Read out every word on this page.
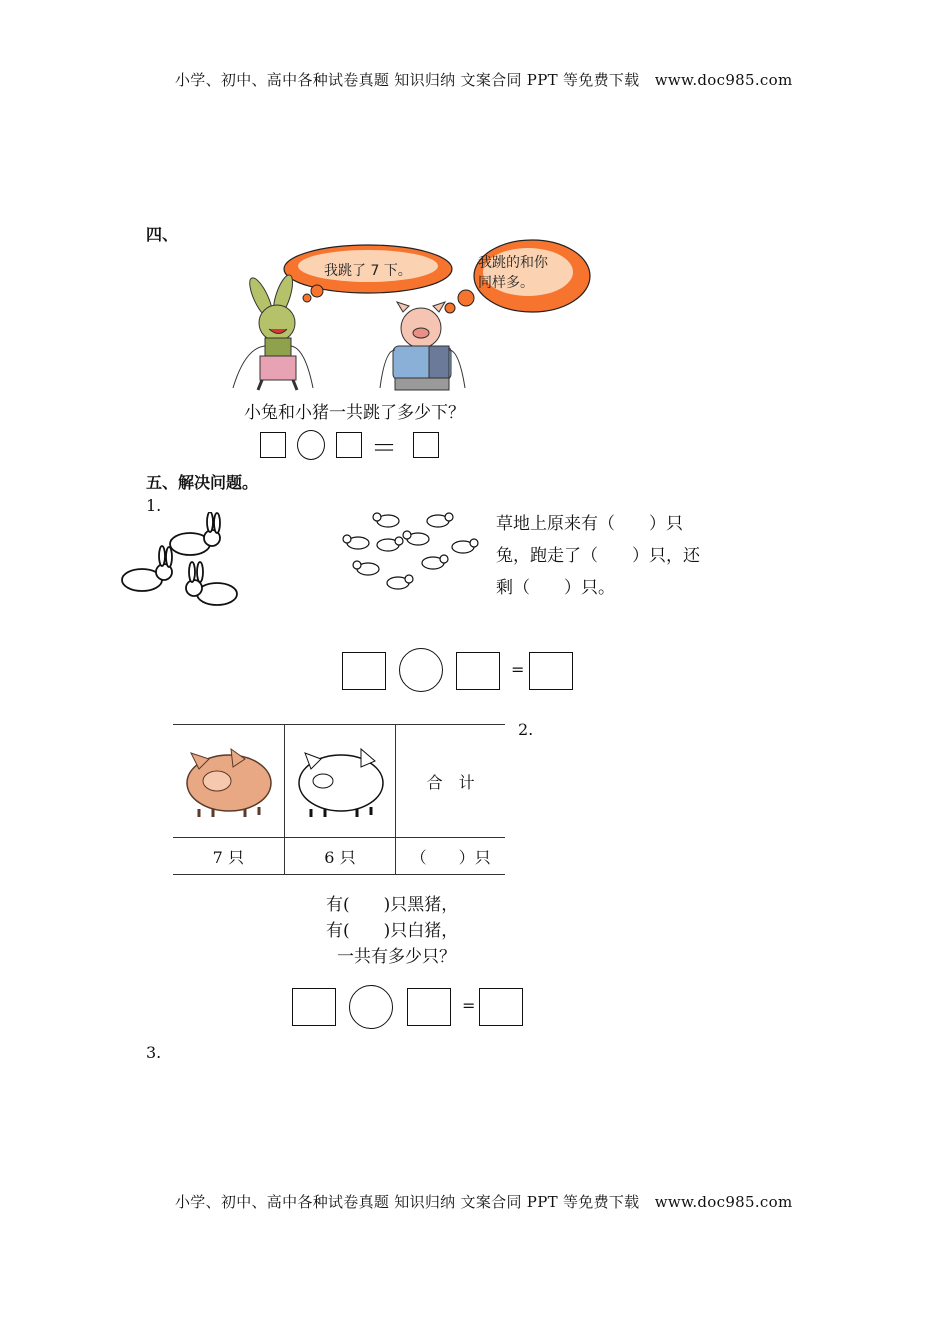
小学、初中、高中各种试卷真题 知识归纳 文案合同 PPT 等免费下载 www.doc985.com
四、
我跳了 7 下。	我跳的和你
同样多。
小兔和小猪一共跳了多少下？
＝
五、解决问题。
1.
草地上原来有（　　）只
兔，跑走了（　　）只，还
剩（　　）只。
=
		合　计
7 只	6 只	（　　）只
2.
有(　　)只黑猪，
有(　　)只白猪，
一共有多少只？
=
3.
小学、初中、高中各种试卷真题 知识归纳 文案合同 PPT 等免费下载 www.doc985.com
